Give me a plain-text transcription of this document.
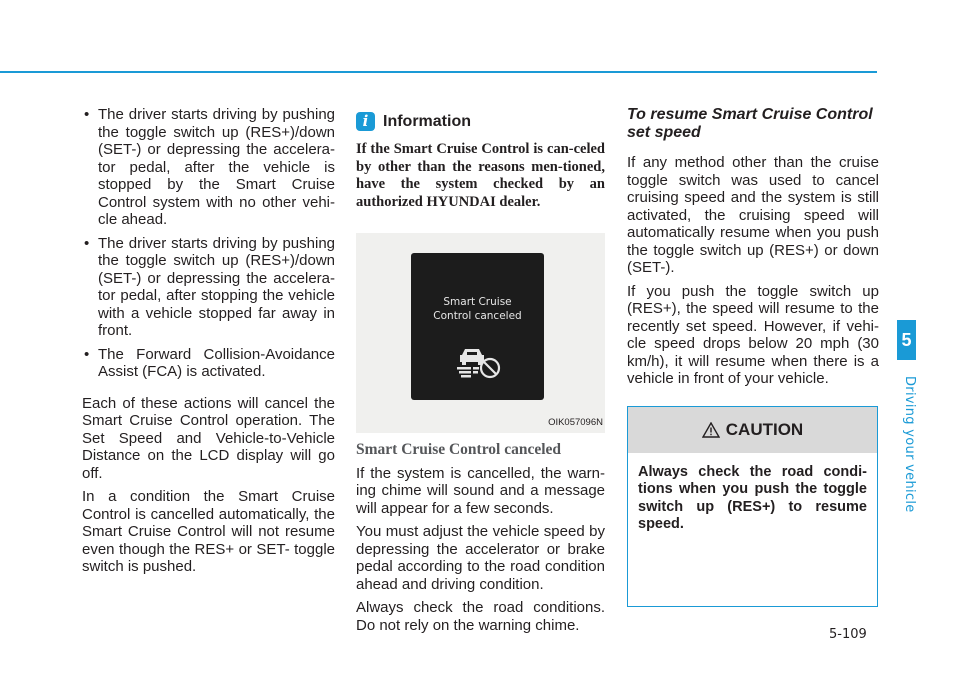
• The driver starts driving by pushing the toggle switch up (RES+)/down (SET-) or depressing the accelera-tor pedal, after the vehicle is stopped by the Smart Cruise Control system with no other vehi-cle ahead.
• The driver starts driving by pushing the toggle switch up (RES+)/down (SET-) or depressing the accelera-tor pedal, after stopping the vehicle with a vehicle stopped far away in front.
• The Forward Collision-Avoidance Assist (FCA) is activated.

Each of these actions will cancel the Smart Cruise Control operation. The Set Speed and Vehicle-to-Vehicle Distance on the LCD display will go off.

In a condition the Smart Cruise Control is cancelled automatically, the Smart Cruise Control will not resume even though the RES+ or SET- toggle switch is pushed.

i Information

If the Smart Cruise Control is can-celed by other than the reasons men-tioned, have the system checked by an authorized HYUNDAI dealer.

Smart Cruise
Control canceled
OIK057096N
Smart Cruise Control canceled

If the system is cancelled, the warn-ing chime will sound and a message will appear for a few seconds.

You must adjust the vehicle speed by depressing the accelerator or brake pedal according to the road condition ahead and driving condition.

Always check the road conditions. Do not rely on the warning chime.

To resume Smart Cruise Control set speed

If any method other than the cruise toggle switch was used to cancel cruising speed and the system is still activated, the cruising speed will automatically resume when you push the toggle switch up (RES+) or down (SET-).

If you push the toggle switch up (RES+), the speed will resume to the recently set speed. However, if vehi-cle speed drops below 20 mph (30 km/h), it will resume when there is a vehicle in front of your vehicle.

CAUTION
Always check the road condi-tions when you push the toggle switch up (RES+) to resume speed.
5
Driving your vehicle
5-109
